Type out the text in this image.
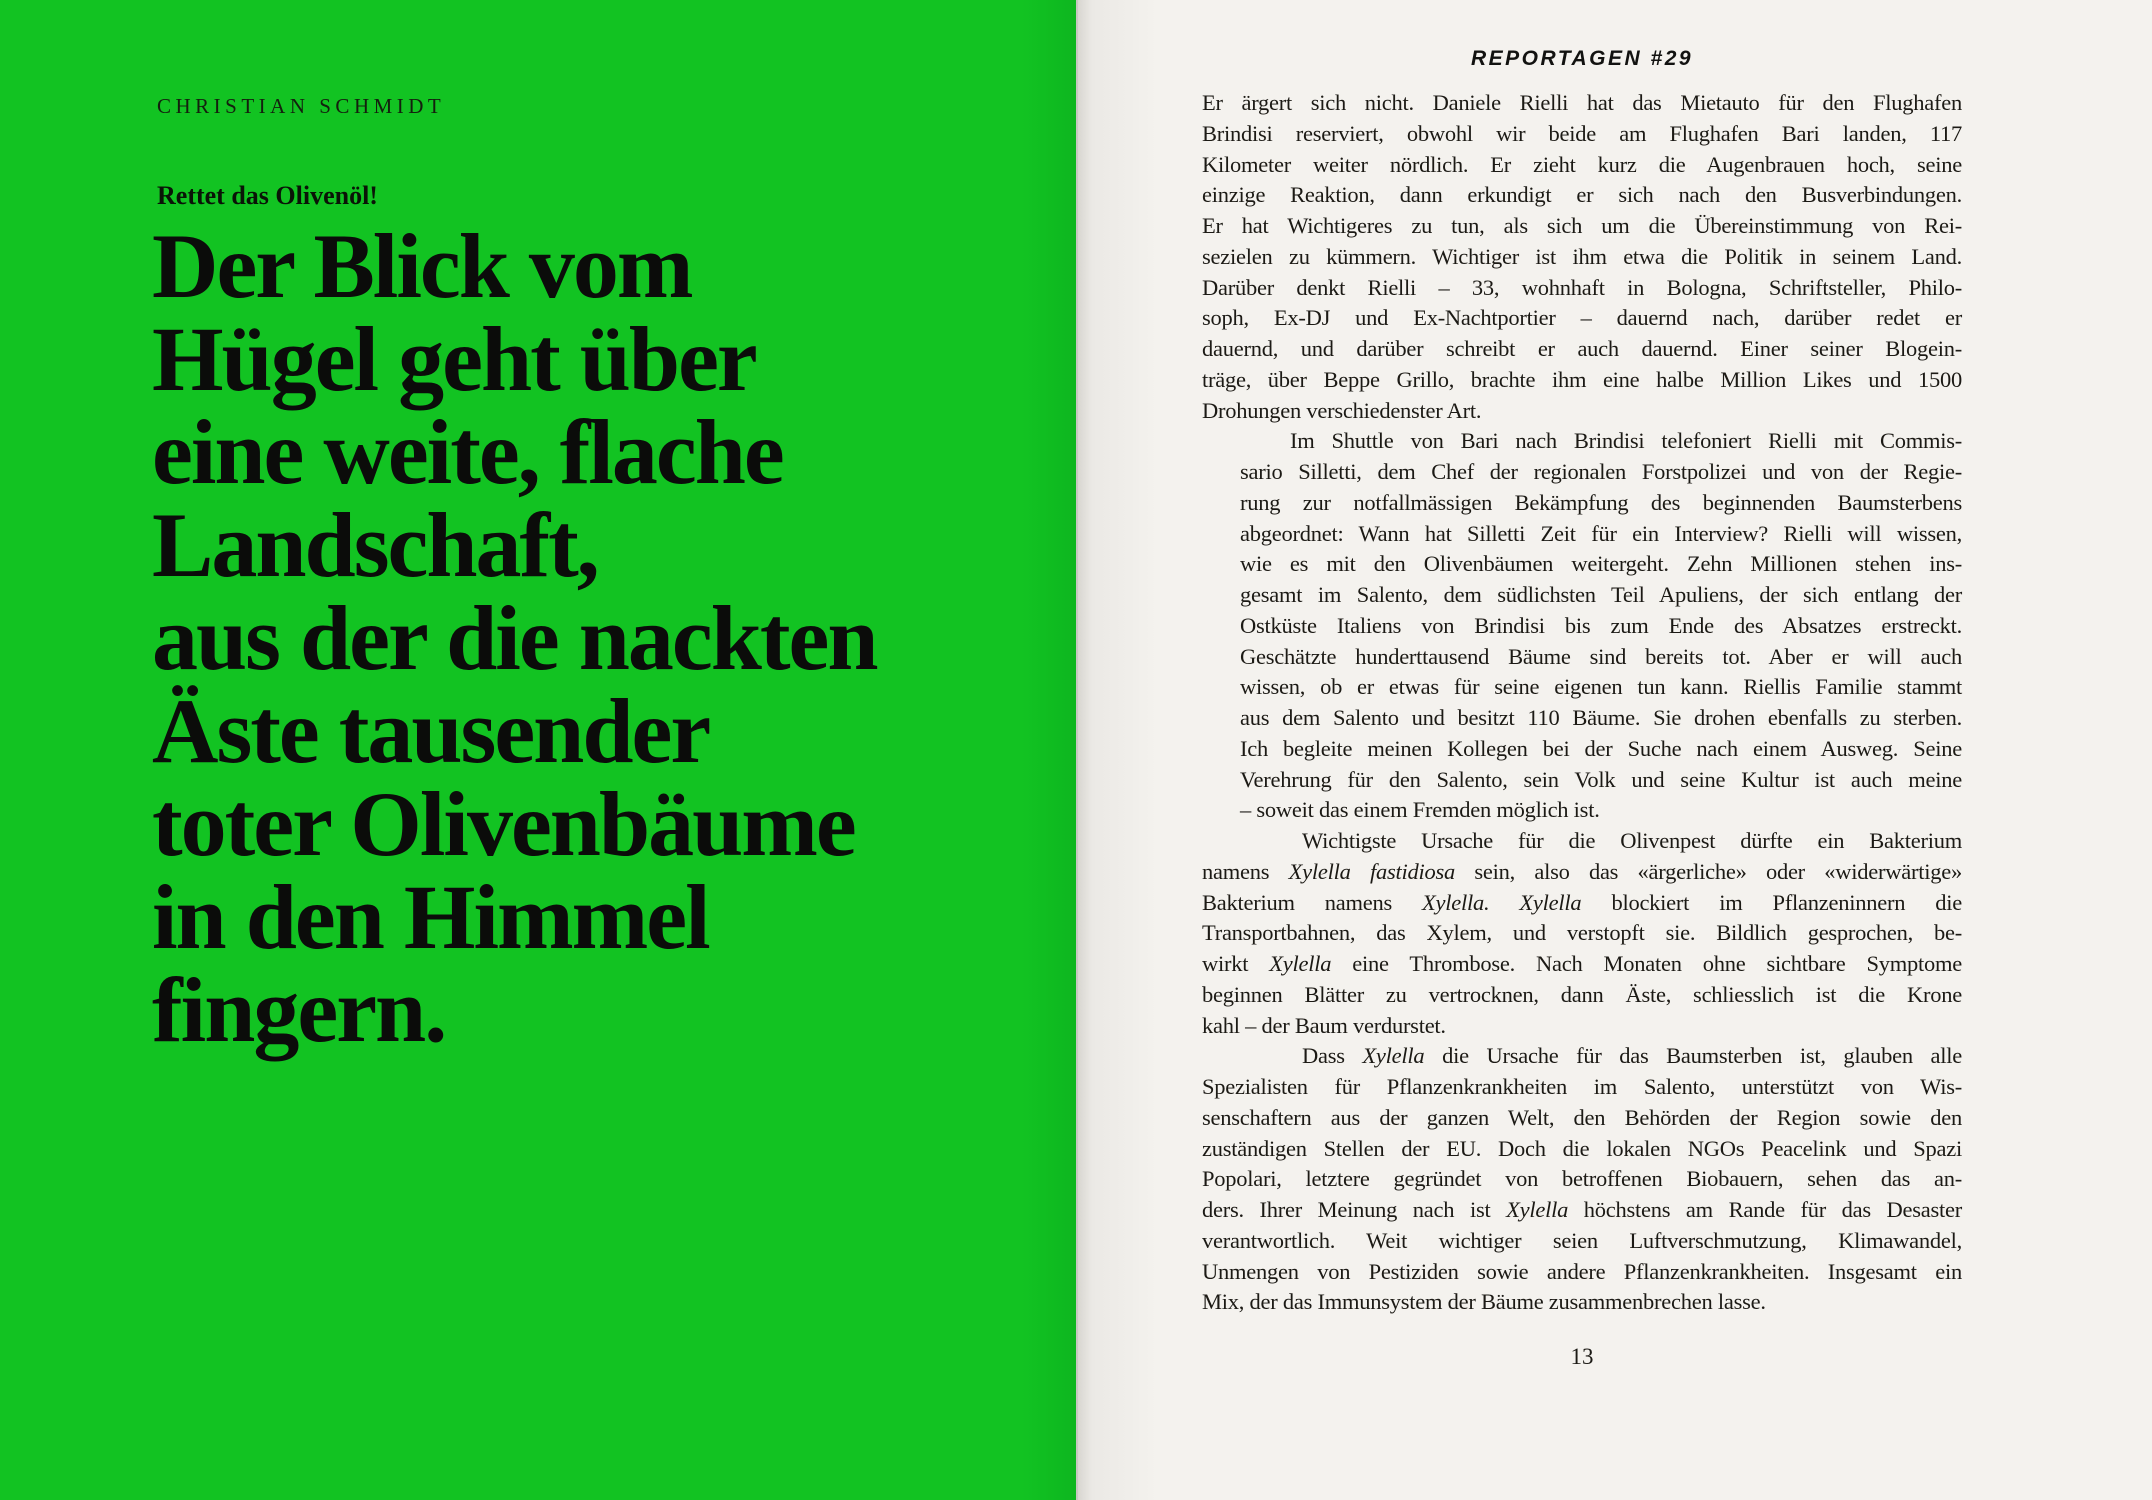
CHRISTIAN SCHMIDT
Rettet das Olivenöl!
Der Blick vom
Hügel geht über
eine weite, flache
Landschaft,
aus der die nackten
Äste tausender
toter Olivenbäume
in den Himmel
fingern.
REPORTAGEN #29
Er ärgert sich nicht. Daniele Rielli hat das Mietauto für den Flughafen
Brindisi reserviert, obwohl wir beide am Flughafen Bari landen, 117
Kilometer weiter nördlich. Er zieht kurz die Augenbrauen hoch, seine
einzige Reaktion, dann erkundigt er sich nach den Busverbindungen.
Er hat Wichtigeres zu tun, als sich um die Übereinstimmung von Rei-
sezielen zu kümmern. Wichtiger ist ihm etwa die Politik in seinem Land.
Darüber denkt Rielli – 33, wohnhaft in Bologna, Schriftsteller, Philo-
soph, Ex-DJ und Ex-Nachtportier – dauernd nach, darüber redet er
dauernd, und darüber schreibt er auch dauernd. Einer seiner Blogein-
träge, über Beppe Grillo, brachte ihm eine halbe Million Likes und 1500
Drohungen verschiedenster Art.
Im Shuttle von Bari nach Brindisi telefoniert Rielli mit Commis-
sario Silletti, dem Chef der regionalen Forstpolizei und von der Regie-
rung zur notfallmässigen Bekämpfung des beginnenden Baumsterbens
abgeordnet: Wann hat Silletti Zeit für ein Interview? Rielli will wissen,
wie es mit den Olivenbäumen weitergeht. Zehn Millionen stehen ins-
gesamt im Salento, dem südlichsten Teil Apuliens, der sich entlang der
Ostküste Italiens von Brindisi bis zum Ende des Absatzes erstreckt.
Geschätzte hunderttausend Bäume sind bereits tot. Aber er will auch
wissen, ob er etwas für seine eigenen tun kann. Riellis Familie stammt
aus dem Salento und besitzt 110 Bäume. Sie drohen ebenfalls zu sterben.
Ich begleite meinen Kollegen bei der Suche nach einem Ausweg. Seine
Verehrung für den Salento, sein Volk und seine Kultur ist auch meine
– soweit das einem Fremden möglich ist.
Wichtigste Ursache für die Olivenpest dürfte ein Bakterium
namens Xylella fastidiosa sein, also das «ärgerliche» oder «widerwärtige»
Bakterium namens Xylella. Xylella blockiert im Pflanzeninnern die
Transportbahnen, das Xylem, und verstopft sie. Bildlich gesprochen, be-
wirkt Xylella eine Thrombose. Nach Monaten ohne sichtbare Symptome
beginnen Blätter zu vertrocknen, dann Äste, schliesslich ist die Krone
kahl – der Baum verdurstet.
Dass Xylella die Ursache für das Baumsterben ist, glauben alle
Spezialisten für Pflanzenkrankheiten im Salento, unterstützt von Wis-
senschaftern aus der ganzen Welt, den Behörden der Region sowie den
zuständigen Stellen der EU. Doch die lokalen NGOs Peacelink und Spazi
Popolari, letztere gegründet von betroffenen Biobauern, sehen das an-
ders. Ihrer Meinung nach ist Xylella höchstens am Rande für das Desaster
verantwortlich. Weit wichtiger seien Luftverschmutzung, Klimawandel,
Unmengen von Pestiziden sowie andere Pflanzenkrankheiten. Insgesamt ein
Mix, der das Immunsystem der Bäume zusammenbrechen lasse.
13
